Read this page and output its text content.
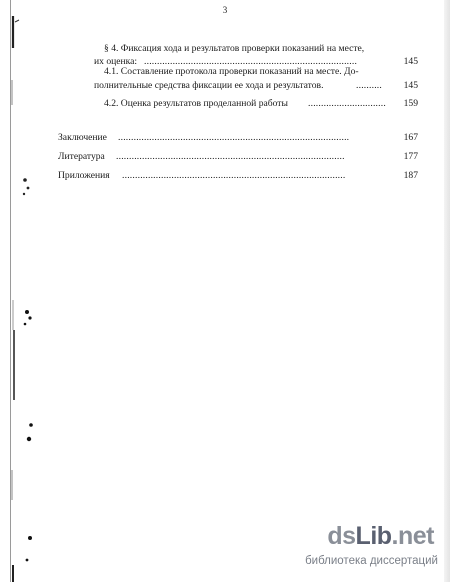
3
§ 4. Фиксация хода и результатов проверки показаний на месте,
их оценка: ..................................................................................	145
4.1. Составление протокола проверки показаний на месте. До-
полнительные средства фиксации ее хода и результатов.	..........	145
4.2. Оценка результатов проделанной работы ..............................	159
Заключение .........................................................................................	167
Литература ........................................................................................	177
Приложения ......................................................................................	187
dsLib.net
библиотека диссертаций
